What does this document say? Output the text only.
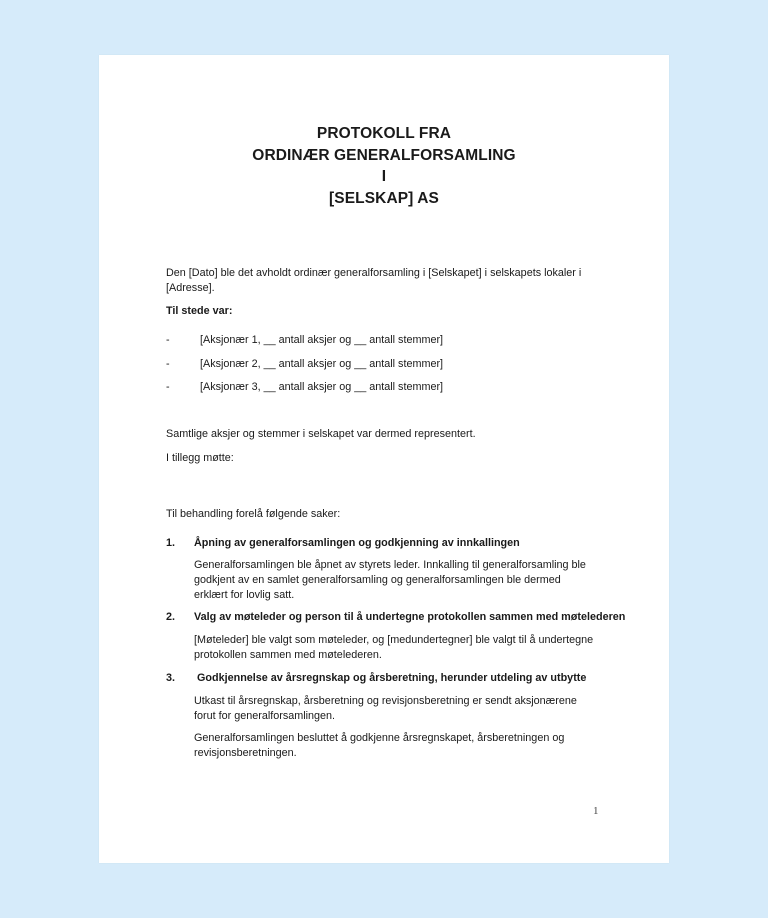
PROTOKOLL FRA
ORDINÆR GENERALFORSAMLING
I
[SELSKAP] AS
Den [Dato] ble det avholdt ordinær generalforsamling i [Selskapet] i selskapets lokaler i [Adresse].
Til stede var:
-	[Aksjonær 1, __ antall aksjer og __ antall stemmer]
-	[Aksjonær 2, __ antall aksjer og __ antall stemmer]
-	[Aksjonær 3, __ antall aksjer og __ antall stemmer]
Samtlige aksjer og stemmer i selskapet var dermed representert.
I tillegg møtte:
Til behandling forelå følgende saker:
1. Åpning av generalforsamlingen og godkjenning av innkallingen
Generalforsamlingen ble åpnet av styrets leder. Innkalling til generalforsamling ble godkjent av en samlet generalforsamling og generalforsamlingen ble dermed erklært for lovlig satt.
2. Valg av møteleder og person til å undertegne protokollen sammen med møtelederen
[Møteleder] ble valgt som møteleder, og [medundertegner] ble valgt til å undertegne protokollen sammen med møtelederen.
3. Godkjennelse av årsregnskap og årsberetning, herunder utdeling av utbytte
Utkast til årsregnskap, årsberetning og revisjonsberetning er sendt aksjonærene forut for generalforsamlingen.
Generalforsamlingen besluttet å godkjenne årsregnskapet, årsberetningen og revisjonsberetningen.
1
